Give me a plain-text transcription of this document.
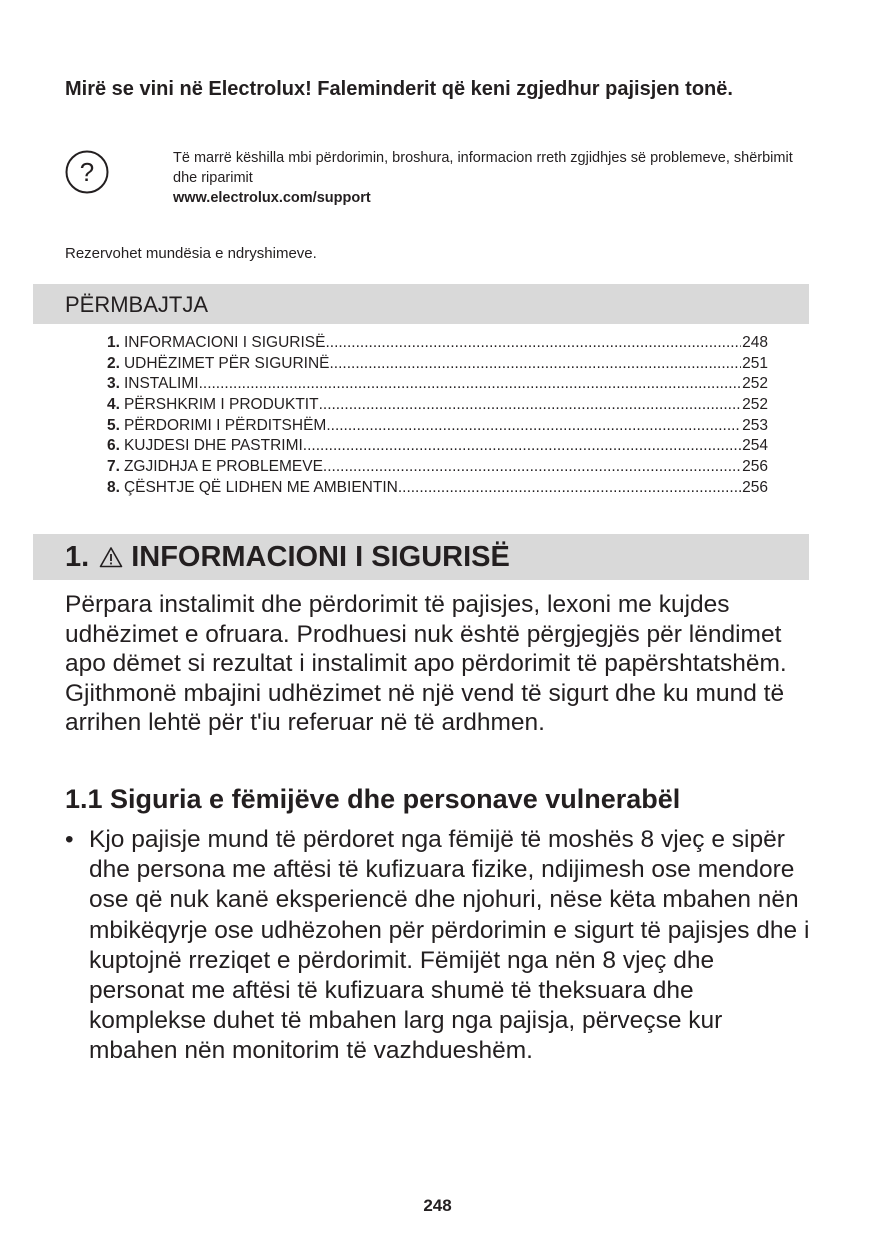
Mirë se vini në Electrolux! Faleminderit që keni zgjedhur pajisjen tonë.
?	Të marrë këshilla mbi përdorimin, broshura, informacion rreth zgjidhjes së problemeve, shërbimit dhe riparimit
www.electrolux.com/support
Rezervohet mundësia e ndryshimeve.
PËRMBAJTJA
1. INFORMACIONI I SIGURISË .....	248
2. UDHËZIMET PËR SIGURINË .....	251
3. INSTALIMI .....	252
4. PËRSHKRIM I PRODUKTIT .....	252
5. PËRDORIMI I PËRDITSHËM .....	253
6. KUJDESI DHE PASTRIMI .....	254
7. ZGJIDHJA E PROBLEMEVE .....	256
8. ÇËSHTJE QË LIDHEN ME AMBIENTIN .....	256
1. INFORMACIONI I SIGURISË

Përpara instalimit dhe përdorimit të pajisjes, lexoni me kujdes udhëzimet e ofruara. Prodhuesi nuk është përgjegjës për lëndimet apo dëmet si rezultat i instalimit apo përdorimit të papërshtatshëm. Gjithmonë mbajini udhëzimet në një vend të sigurt dhe ku mund të arrihen lehtë për t'iu referuar në të ardhmen.

1.1 Siguria e fëmijëve dhe personave vulnerabël
• Kjo pajisje mund të përdoret nga fëmijë të moshës 8 vjeç e sipër dhe persona me aftësi të kufizuara fizike, ndijimesh ose mendore ose që nuk kanë eksperiencë dhe njohuri, nëse këta mbahen nën mbikëqyrje ose udhëzohen për përdorimin e sigurt të pajisjes dhe i kuptojnë rreziqet e përdorimit. Fëmijët nga nën 8 vjeç dhe personat me aftësi të kufizuara shumë të theksuara dhe komplekse duhet të mbahen larg nga pajisja, përveçse kur mbahen nën monitorim të vazhdueshëm.
248
